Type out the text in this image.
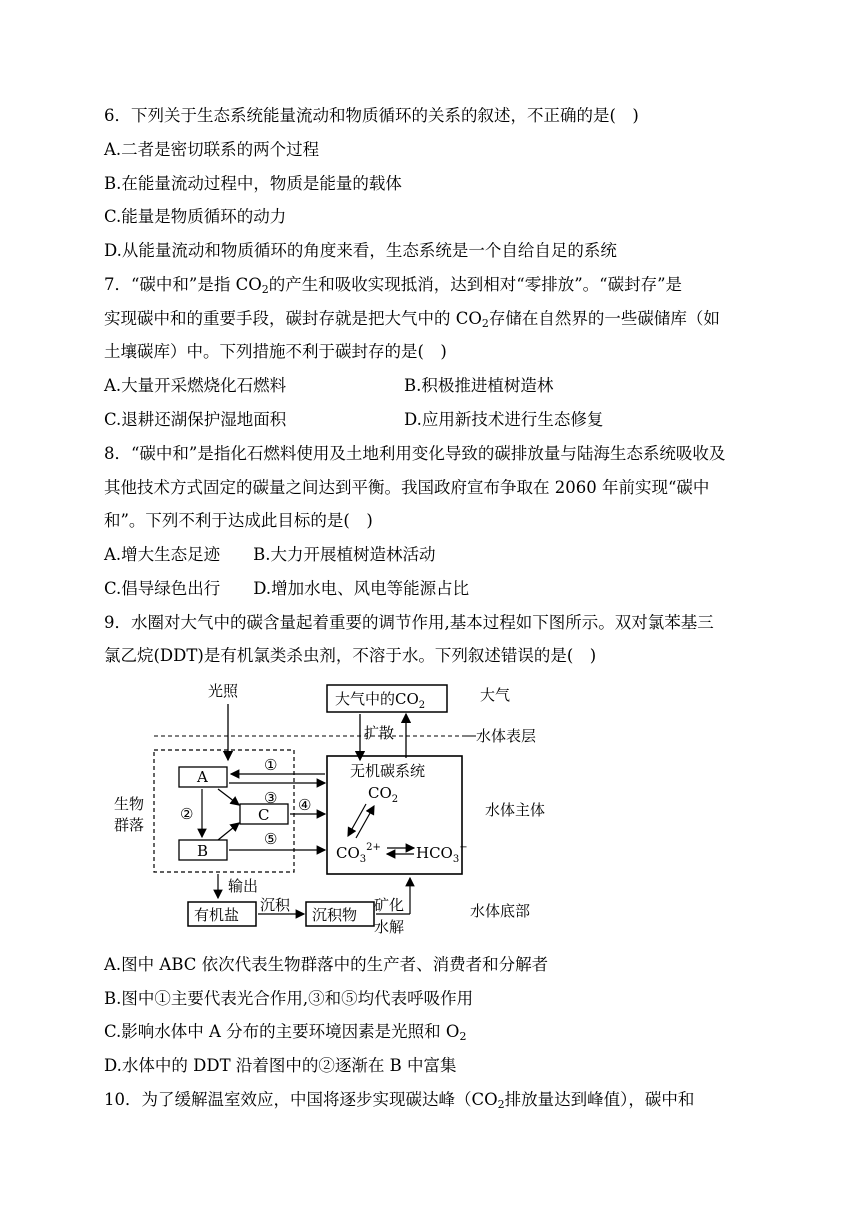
6．下列关于生态系统能量流动和物质循环的关系的叙述，不正确的是(　)
A.二者是密切联系的两个过程
B.在能量流动过程中，物质是能量的载体
C.能量是物质循环的动力
D.从能量流动和物质循环的角度来看，生态系统是一个自给自足的系统
7．“碳中和”是指 $CO_2$的产生和吸收实现抵消，达到相对“零排放”。“碳封存”是
实现碳中和的重要手段，碳封存就是把大气中的 $CO_2$存储在自然界的一些碳储库（如
土壤碳库）中。下列措施不利于碳封存的是(　)
A.大量开采燃烧化石燃料	B.积极推进植树造林
C.退耕还湖保护湿地面积	D.应用新技术进行生态修复
8．“碳中和”是指化石燃料使用及土地利用变化导致的碳排放量与陆海生态系统吸收及
其他技术方式固定的碳量之间达到平衡。我国政府宣布争取在 2060 年前实现“碳中
和”。下列不利于达成此目标的是(　)
A.增大生态足迹　　B.大力开展植树造林活动
C.倡导绿色出行　　D.增加水电、风电等能源占比
9．水圈对大气中的碳含量起着重要的调节作用,基本过程如下图所示。双对氯苯基三
氯乙烷(DDT)是有机氯类杀虫剂，不溶于水。下列叙述错误的是(　)
光照	大气中的$CO_2$
大气
扩散	水体表层
生物
群落
A
C
B
无机碳系统
$CO_2$
水体主体
$CO_3^{2+}$ $HCO_3^-$
①
③ ④
⑤
②
输出
有机盐
沉积
沉积物
矿化
水解
水体底部
A.图中 ABC 依次代表生物群落中的生产者、消费者和分解者
B.图中①主要代表光合作用,③和⑤均代表呼吸作用
C.影响水体中 A 分布的主要环境因素是光照和 $O_2$
D.水体中的 DDT 沿着图中的②逐渐在 B 中富集
10．为了缓解温室效应，中国将逐步实现碳达峰（$CO_2$排放量达到峰值），碳中和
